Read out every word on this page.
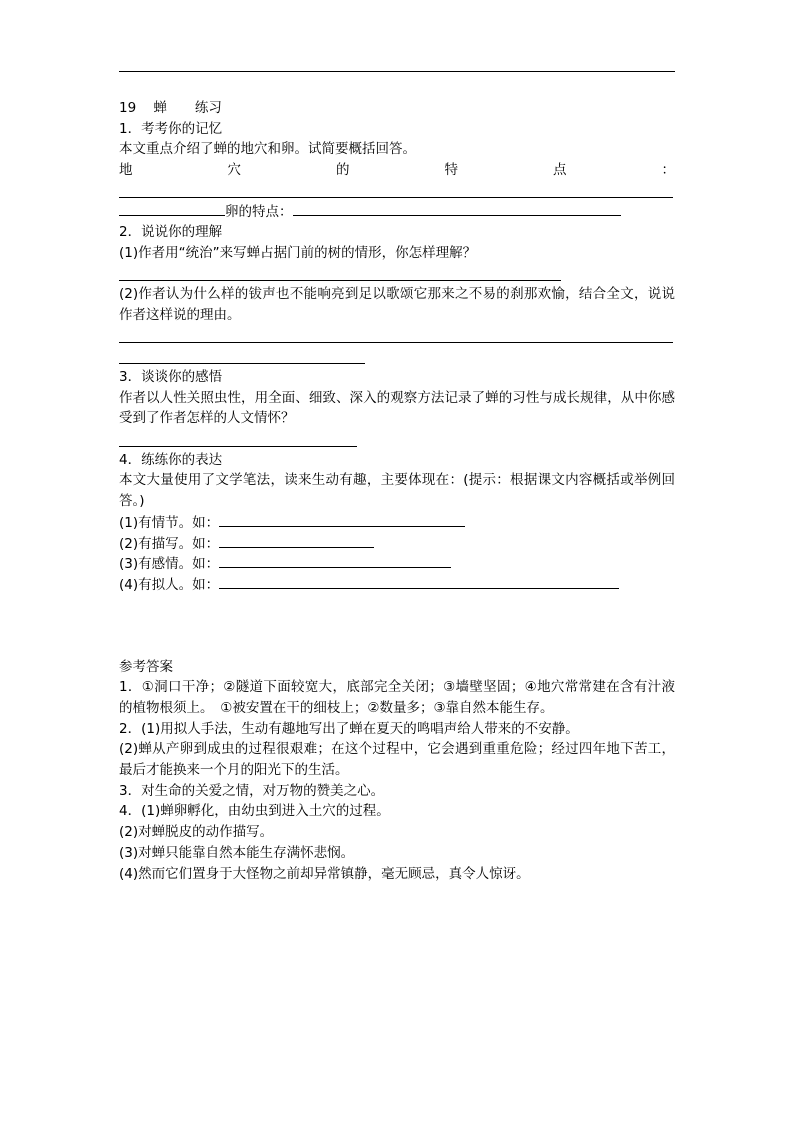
19 蝉 练习
1．考考你的记忆
本文重点介绍了蝉的地穴和卵。试简要概括回答。
地	穴	的	特	点	：
卵的特点：
2．说说你的理解
(1)作者用“统治”来写蝉占据门前的树的情形，你怎样理解？
(2)作者认为什么样的钹声也不能响亮到足以歌颂它那来之不易的刹那欢愉，结合全文，说说作者这样说的理由。
3．谈谈你的感悟
作者以人性关照虫性，用全面、细致、深入的观察方法记录了蝉的习性与成长规律，从中你感受到了作者怎样的人文情怀？
4．练练你的表达
本文大量使用了文学笔法，读来生动有趣，主要体现在：(提示：根据课文内容概括或举例回答。)
(1)有情节。如：
(2)有描写。如：
(3)有感情。如：
(4)有拟人。如：
参考答案
1．①洞口干净；②隧道下面较宽大，底部完全关闭；③墙壁坚固；④地穴常常建在含有汁液的植物根须上。　①被安置在干的细枝上；②数量多；③靠自然本能生存。
2．(1)用拟人手法，生动有趣地写出了蝉在夏天的鸣唱声给人带来的不安静。
(2)蝉从产卵到成虫的过程很艰难；在这个过程中，它会遇到重重危险；经过四年地下苦工，最后才能换来一个月的阳光下的生活。
3．对生命的关爱之情，对万物的赞美之心。
4．(1)蝉卵孵化，由幼虫到进入土穴的过程。
(2)对蝉脱皮的动作描写。
(3)对蝉只能靠自然本能生存满怀悲悯。
(4)然而它们置身于大怪物之前却异常镇静，毫无顾忌，真令人惊讶。
